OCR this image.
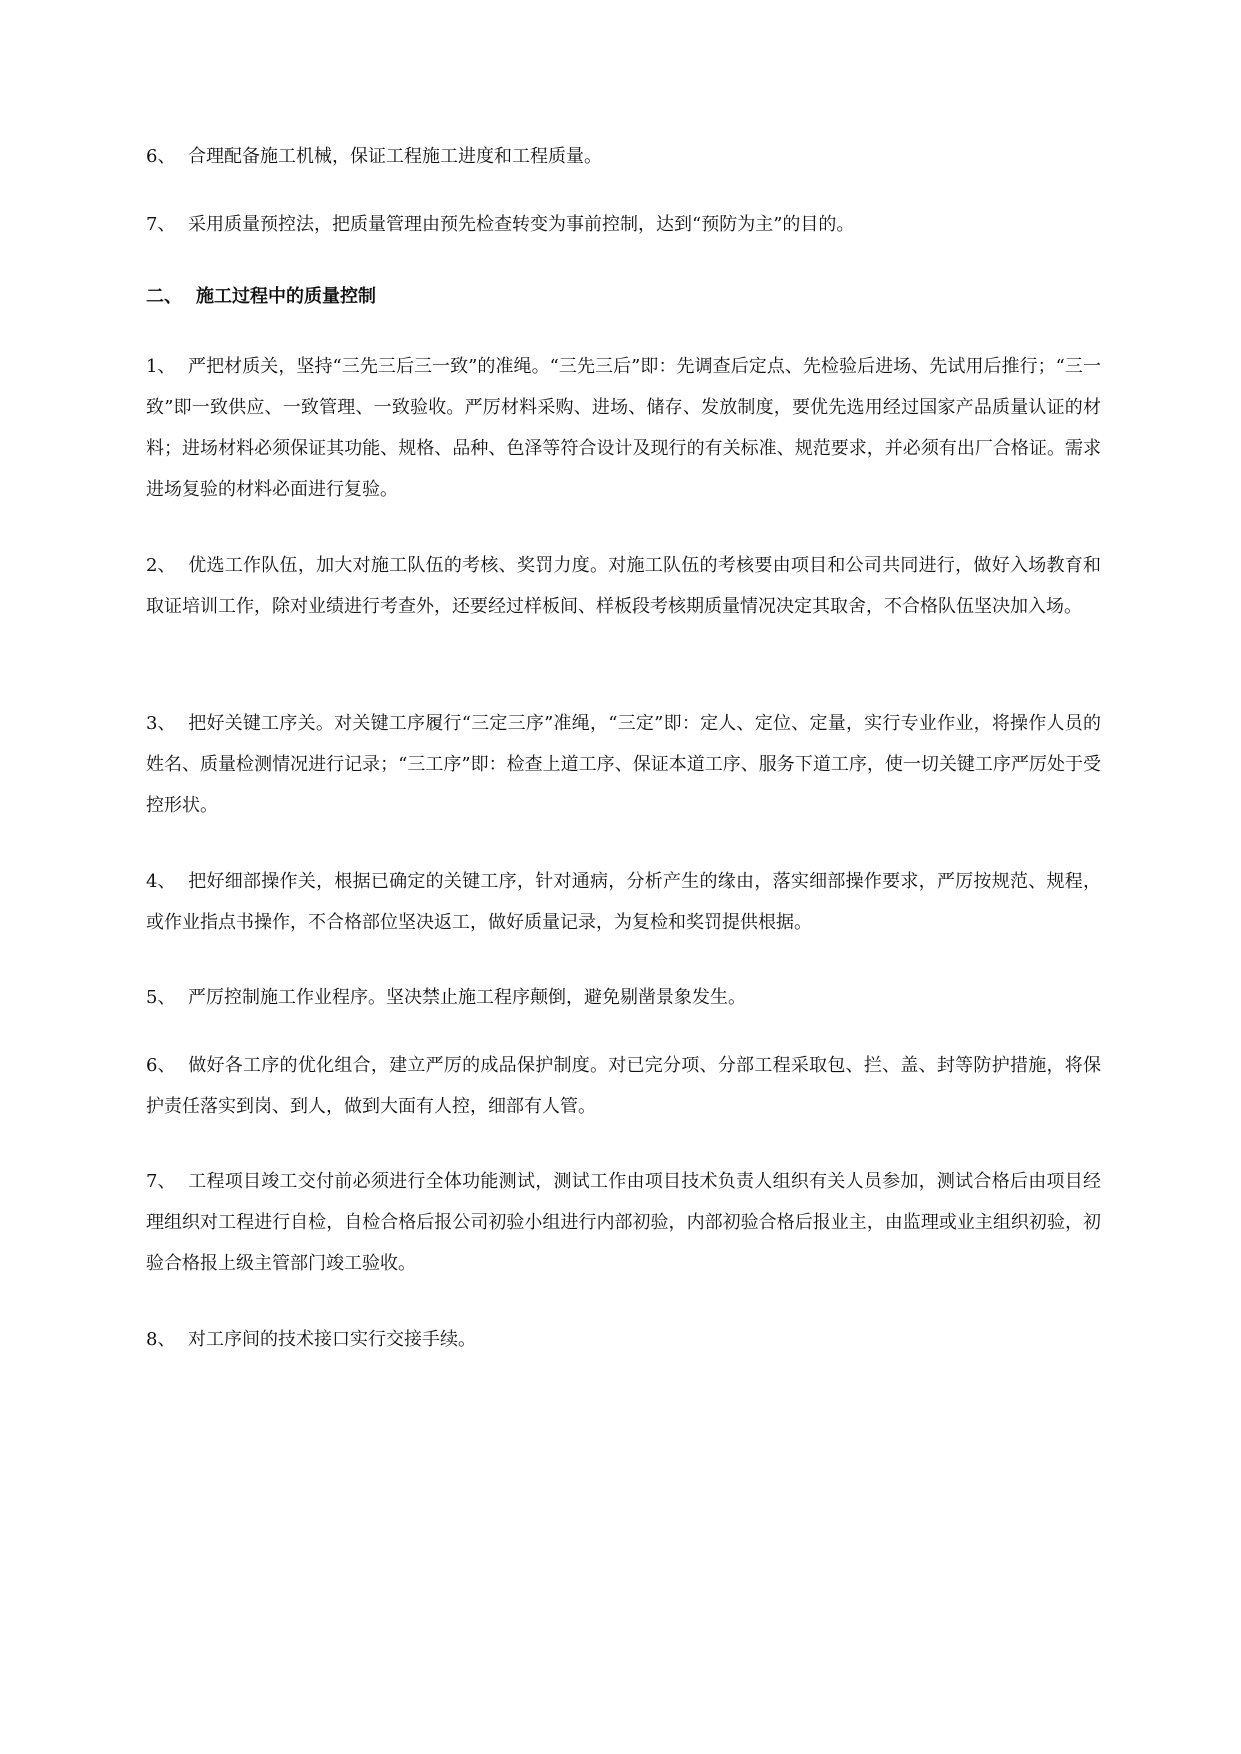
6、 合理配备施工机械，保证工程施工进度和工程质量。

7、 采用质量预控法，把质量管理由预先检查转变为事前控制，达到“预防为主”的目的。

二、 施工过程中的质量控制

1、 严把材质关，坚持“三先三后三一致”的准绳。“三先三后”即：先调查后定点、先检验后进场、先试用后推行；“三一致”即一致供应、一致管理、一致验收。严厉材料采购、进场、储存、发放制度，要优先选用经过国家产品质量认证的材料；进场材料必须保证其功能、规格、品种、色泽等符合设计及现行的有关标准、规范要求，并必须有出厂合格证。需求进场复验的材料必面进行复验。

2、 优选工作队伍，加大对施工队伍的考核、奖罚力度。对施工队伍的考核要由项目和公司共同进行，做好入场教育和取证培训工作，除对业绩进行考查外，还要经过样板间、样板段考核期质量情况决定其取舍，不合格队伍坚决加入场。

3、 把好关键工序关。对关键工序履行“三定三序”准绳，“三定”即：定人、定位、定量，实行专业作业，将操作人员的姓名、质量检测情况进行记录；“三工序”即：检查上道工序、保证本道工序、服务下道工序，使一切关键工序严厉处于受控形状。

4、 把好细部操作关，根据已确定的关键工序，针对通病，分析产生的缘由，落实细部操作要求，严厉按规范、规程，或作业指点书操作，不合格部位坚决返工，做好质量记录，为复检和奖罚提供根据。

5、 严厉控制施工作业程序。坚决禁止施工程序颠倒，避免剔凿景象发生。

6、 做好各工序的优化组合，建立严厉的成品保护制度。对已完分项、分部工程采取包、拦、盖、封等防护措施，将保护责任落实到岗、到人，做到大面有人控，细部有人管。

7、 工程项目竣工交付前必须进行全体功能测试，测试工作由项目技术负责人组织有关人员参加，测试合格后由项目经理组织对工程进行自检，自检合格后报公司初验小组进行内部初验，内部初验合格后报业主，由监理或业主组织初验，初验合格报上级主管部门竣工验收。

8、 对工序间的技术接口实行交接手续。
